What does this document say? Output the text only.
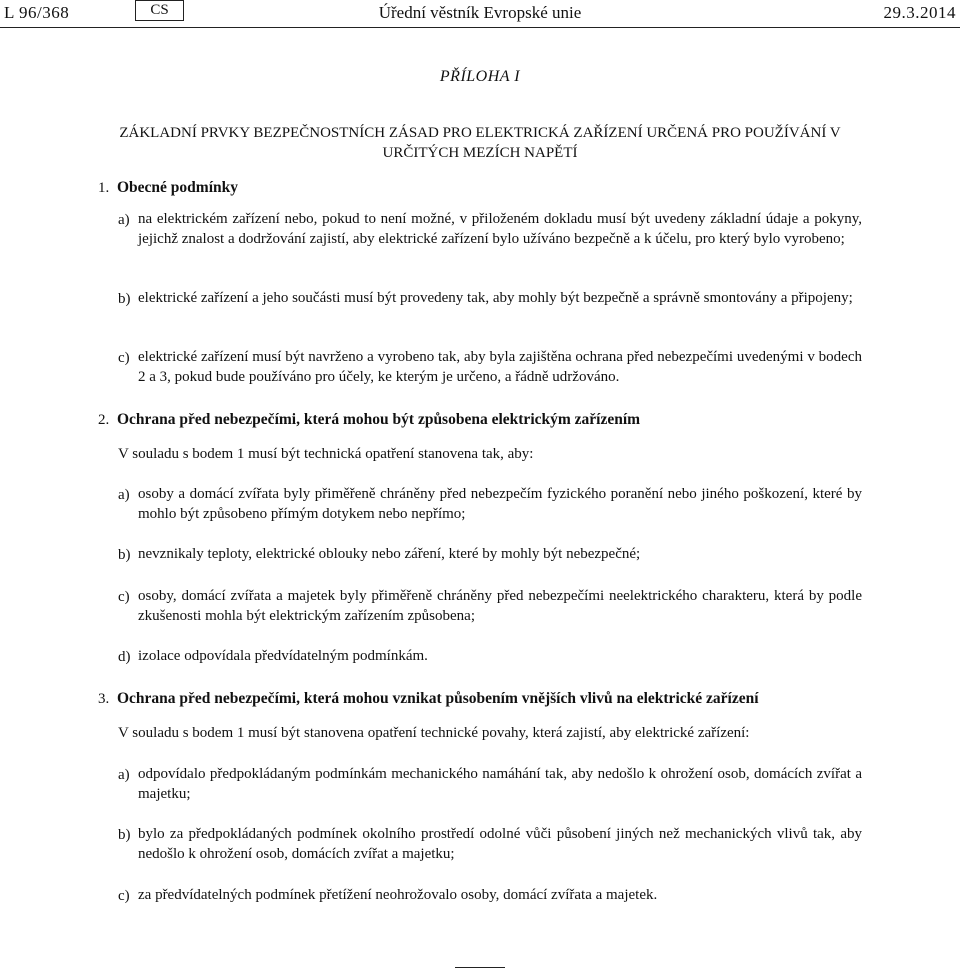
L 96/368	CS	Úřední věstník Evropské unie	29.3.2014
PŘÍLOHA I
ZÁKLADNÍ PRVKY BEZPEČNOSTNÍCH ZÁSAD PRO ELEKTRICKÁ ZAŘÍZENÍ URČENÁ PRO POUŽÍVÁNÍ V URČITÝCH MEZÍCH NAPĚTÍ
1. Obecné podmínky
a) na elektrickém zařízení nebo, pokud to není možné, v přiloženém dokladu musí být uvedeny základní údaje a pokyny, jejichž znalost a dodržování zajistí, aby elektrické zařízení bylo užíváno bezpečně a k účelu, pro který bylo vyrobeno;
b) elektrické zařízení a jeho součásti musí být provedeny tak, aby mohly být bezpečně a správně smontovány a připojeny;
c) elektrické zařízení musí být navrženo a vyrobeno tak, aby byla zajištěna ochrana před nebezpečími uvedenými v bodech 2 a 3, pokud bude používáno pro účely, ke kterým je určeno, a řádně udržováno.
2. Ochrana před nebezpečími, která mohou být způsobena elektrickým zařízením
V souladu s bodem 1 musí být technická opatření stanovena tak, aby:
a) osoby a domácí zvířata byly přiměřeně chráněny před nebezpečím fyzického poranění nebo jiného poškození, které by mohlo být způsobeno přímým dotykem nebo nepřímo;
b) nevznikaly teploty, elektrické oblouky nebo záření, které by mohly být nebezpečné;
c) osoby, domácí zvířata a majetek byly přiměřeně chráněny před nebezpečími neelektrického charakteru, která by podle zkušenosti mohla být elektrickým zařízením způsobena;
d) izolace odpovídala předvídatelným podmínkám.
3. Ochrana před nebezpečími, která mohou vznikat působením vnějších vlivů na elektrické zařízení
V souladu s bodem 1 musí být stanovena opatření technické povahy, která zajistí, aby elektrické zařízení:
a) odpovídalo předpokládaným podmínkám mechanického namáhání tak, aby nedošlo k ohrožení osob, domácích zvířat a majetku;
b) bylo za předpokládaných podmínek okolního prostředí odolné vůči působení jiných než mechanických vlivů tak, aby nedošlo k ohrožení osob, domácích zvířat a majetku;
c) za předvídatelných podmínek přetížení neohrožovalo osoby, domácí zvířata a majetek.
